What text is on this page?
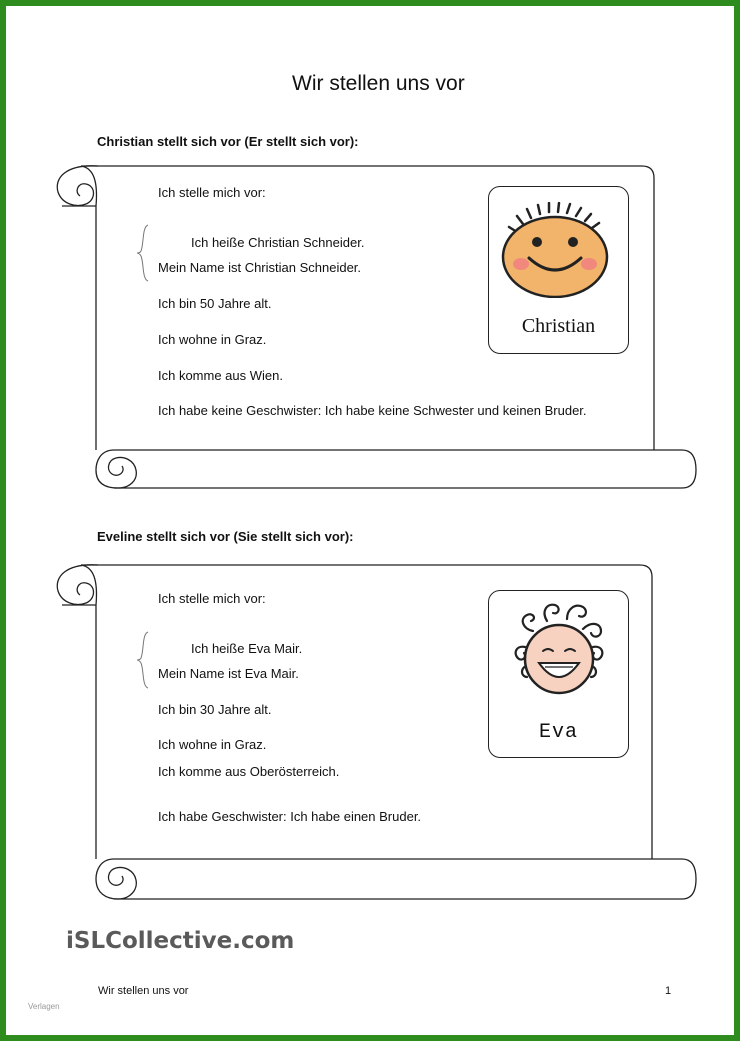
Wir stellen uns vor
Christian stellt sich vor (Er stellt sich vor):
Ich stelle mich vor:
Ich heiße Christian Schneider.
Mein Name ist Christian Schneider.
Ich bin 50 Jahre alt.
Ich wohne in Graz.
Ich komme aus Wien.
Ich habe keine Geschwister: Ich habe keine Schwester und keinen Bruder.
Christian
Eveline stellt sich vor (Sie stellt sich vor):
Ich stelle mich vor:
Ich heiße Eva Mair.
Mein Name ist Eva Mair.
Ich bin 30 Jahre alt.
Ich wohne in Graz.
Ich komme aus Oberösterreich.
Ich habe Geschwister: Ich habe einen Bruder.
Eva
iSLCollective.com
Wir stellen uns vor	1
Verlagen
